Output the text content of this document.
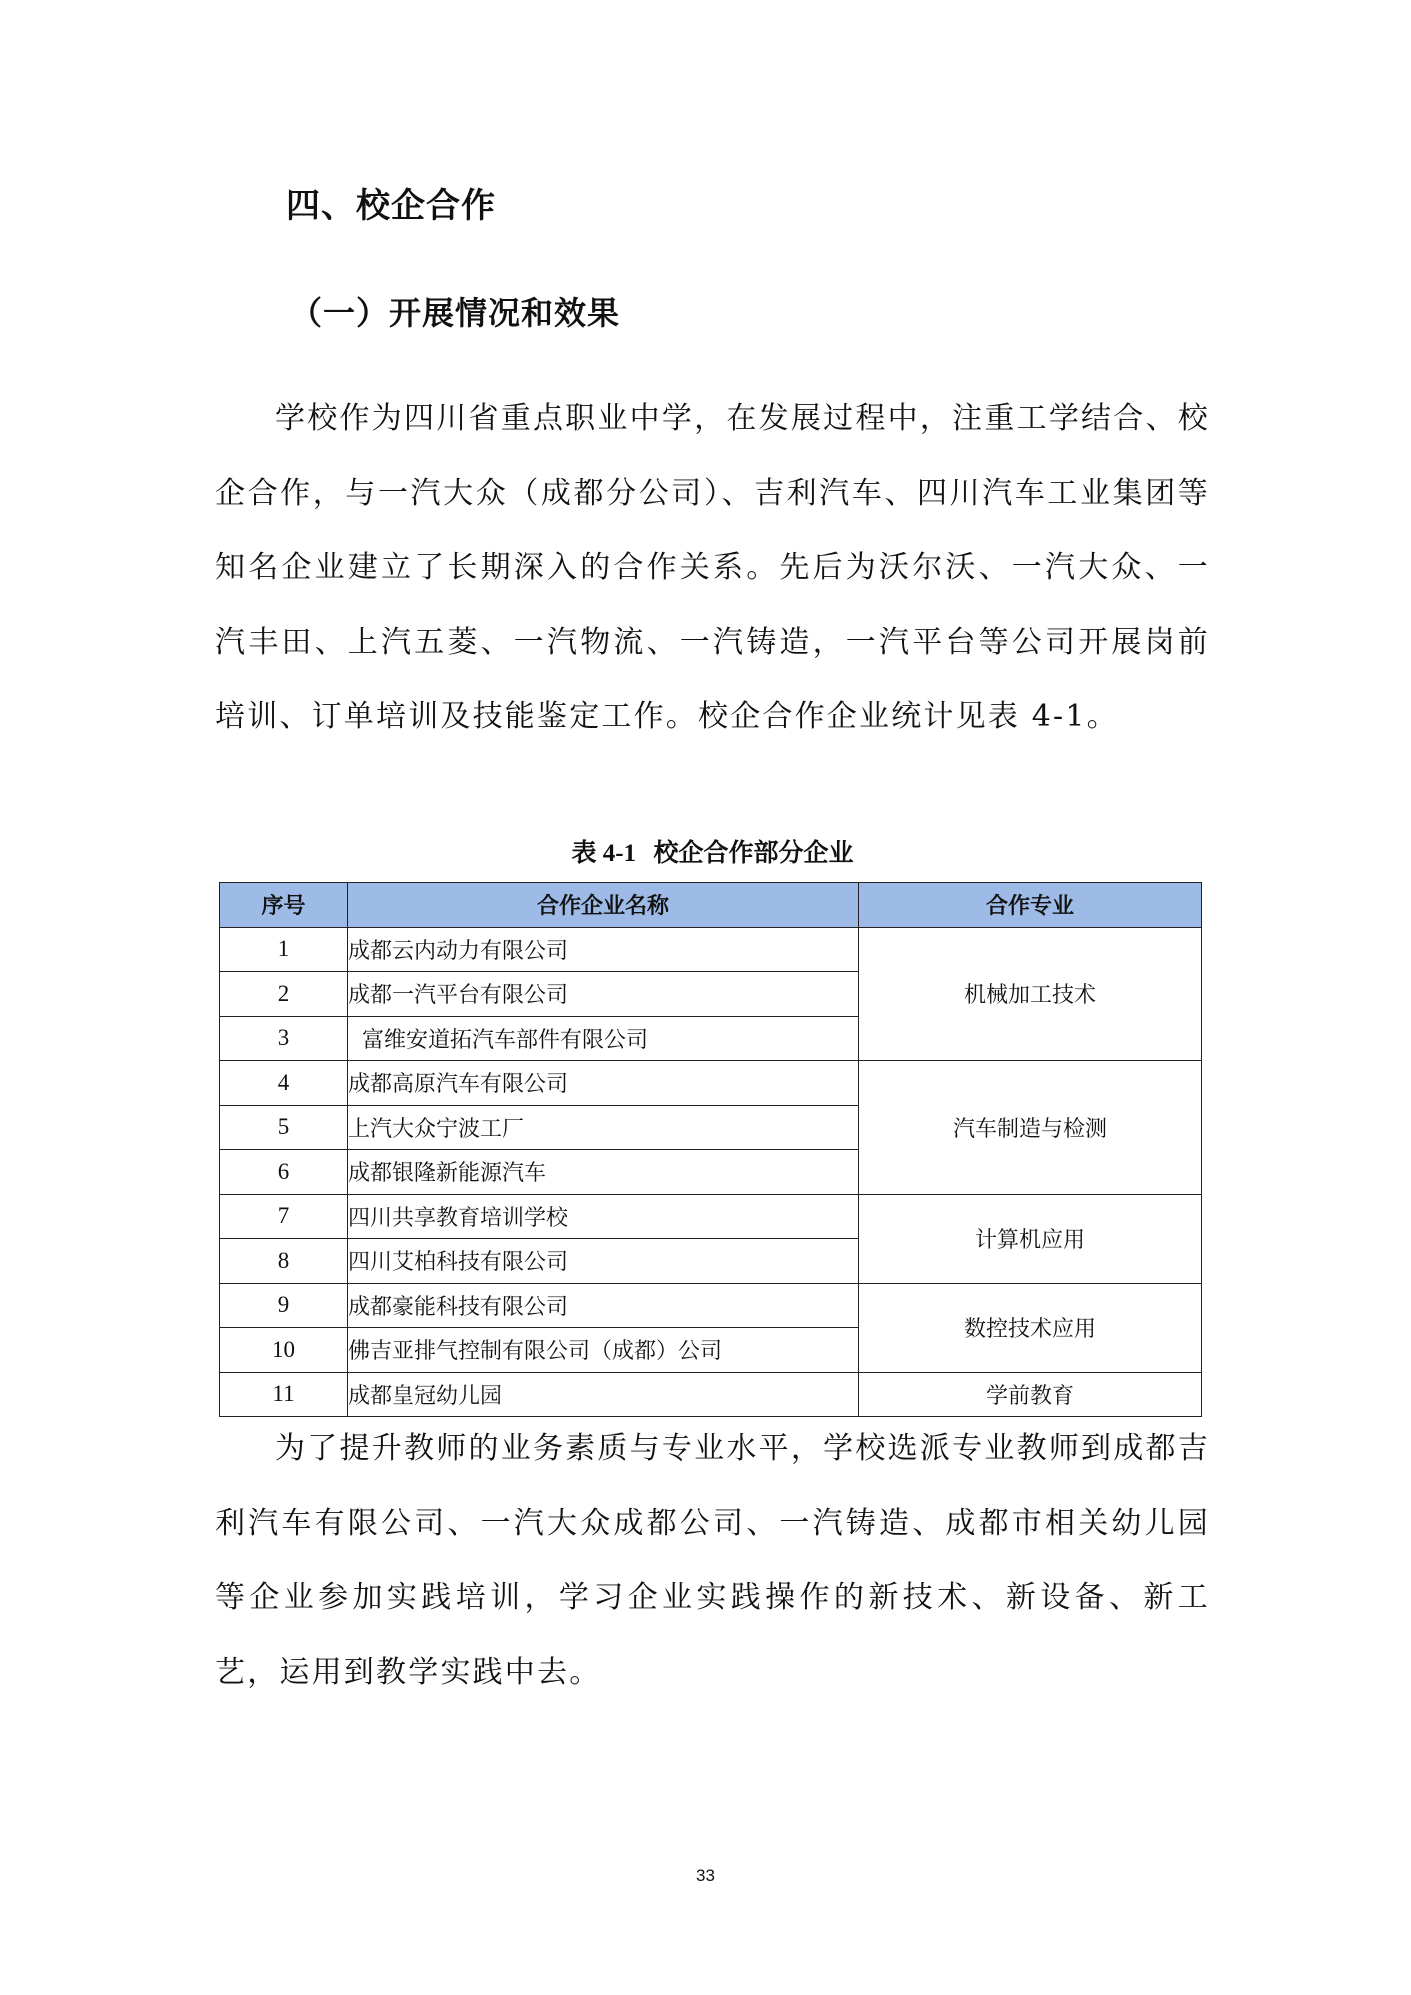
四、校企合作
（一）开展情况和效果

学校作为四川省重点职业中学，在发展过程中，注重工学结合、校企合作，与一汽大众（成都分公司）、吉利汽车、四川汽车工业集团等知名企业建立了长期深入的合作关系。先后为沃尔沃、一汽大众、一汽丰田、上汽五菱、一汽物流、一汽铸造，一汽平台等公司开展岗前培训、订单培训及技能鉴定工作。校企合作企业统计见表 4-1。

表 4-1 校企合作部分企业
序号	合作企业名称	合作专业
1	成都云内动力有限公司	机械加工技术
2	成都一汽平台有限公司	
3	富维安道拓汽车部件有限公司	
4	成都高原汽车有限公司	汽车制造与检测
5	上汽大众宁波工厂	
6	成都银隆新能源汽车	
7	四川共享教育培训学校	计算机应用
8	四川艾柏科技有限公司	
9	成都豪能科技有限公司	数控技术应用
10	佛吉亚排气控制有限公司（成都）公司	
11	成都皇冠幼儿园	学前教育

为了提升教师的业务素质与专业水平，学校选派专业教师到成都吉利汽车有限公司、一汽大众成都公司、一汽铸造、成都市相关幼儿园等企业参加实践培训，学习企业实践操作的新技术、新设备、新工艺，运用到教学实践中去。

33
